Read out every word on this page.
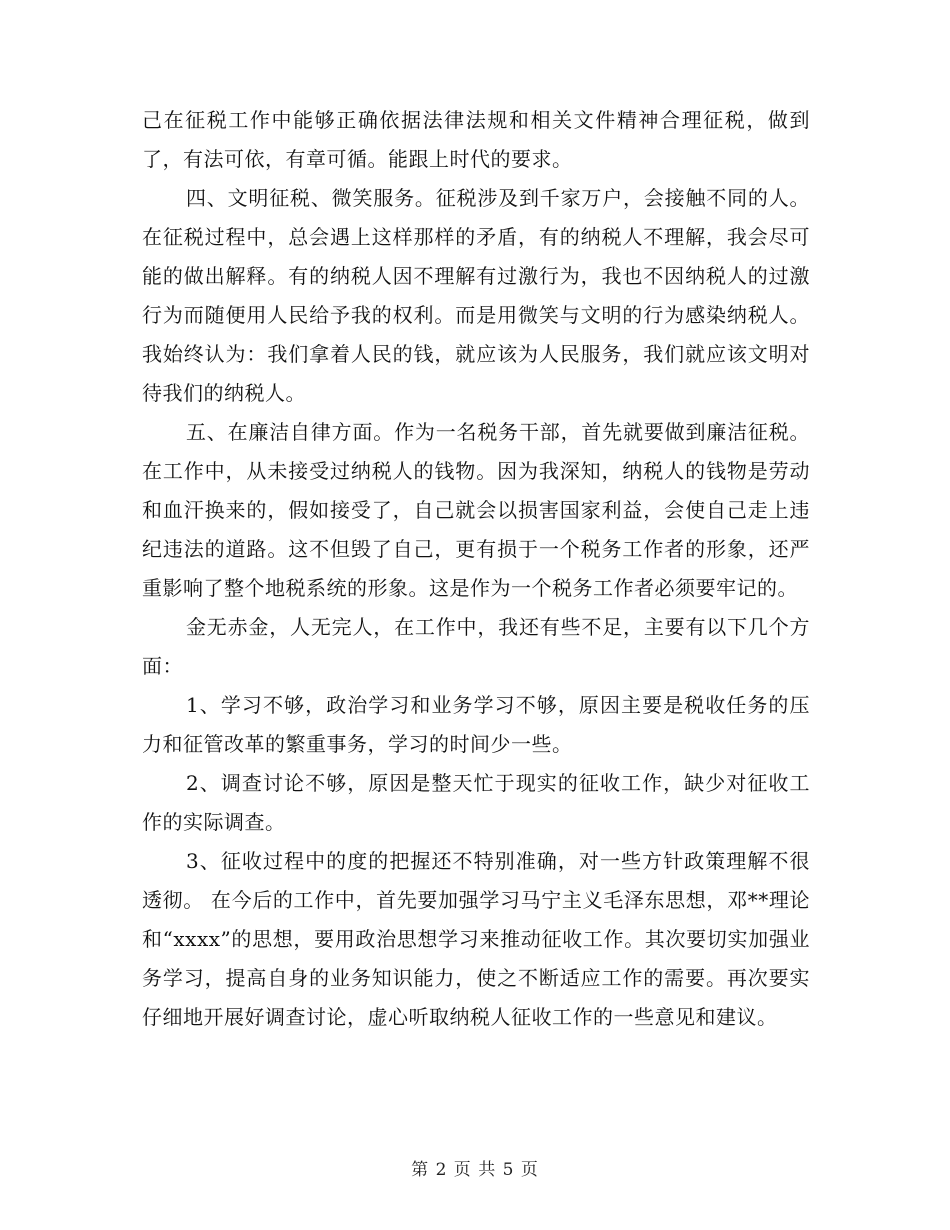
己在征税工作中能够正确依据法律法规和相关文件精神合理征税，做到了，有法可依，有章可循。能跟上时代的要求。

四、文明征税、微笑服务。征税涉及到千家万户，会接触不同的人。在征税过程中，总会遇上这样那样的矛盾，有的纳税人不理解，我会尽可能的做出解释。有的纳税人因不理解有过激行为，我也不因纳税人的过激行为而随便用人民给予我的权利。而是用微笑与文明的行为感染纳税人。我始终认为：我们拿着人民的钱，就应该为人民服务，我们就应该文明对待我们的纳税人。

五、在廉洁自律方面。作为一名税务干部，首先就要做到廉洁征税。在工作中，从未接受过纳税人的钱物。因为我深知，纳税人的钱物是劳动和血汗换来的，假如接受了，自己就会以损害国家利益，会使自己走上违纪违法的道路。这不但毁了自己，更有损于一个税务工作者的形象，还严重影响了整个地税系统的形象。这是作为一个税务工作者必须要牢记的。

金无赤金，人无完人，在工作中，我还有些不足，主要有以下几个方面：

1、学习不够，政治学习和业务学习不够，原因主要是税收任务的压力和征管改革的繁重事务，学习的时间少一些。

2、调查讨论不够，原因是整天忙于现实的征收工作，缺少对征收工作的实际调查。

3、征收过程中的度的把握还不特别准确，对一些方针政策理解不很透彻。 在今后的工作中，首先要加强学习马宁主义毛泽东思想，邓**理论和“xxxx”的思想，要用政治思想学习来推动征收工作。其次要切实加强业务学习，提高自身的业务知识能力，使之不断适应工作的需要。再次要实仔细地开展好调查讨论，虚心听取纳税人征收工作的一些意见和建议。

第 2 页 共 5 页
